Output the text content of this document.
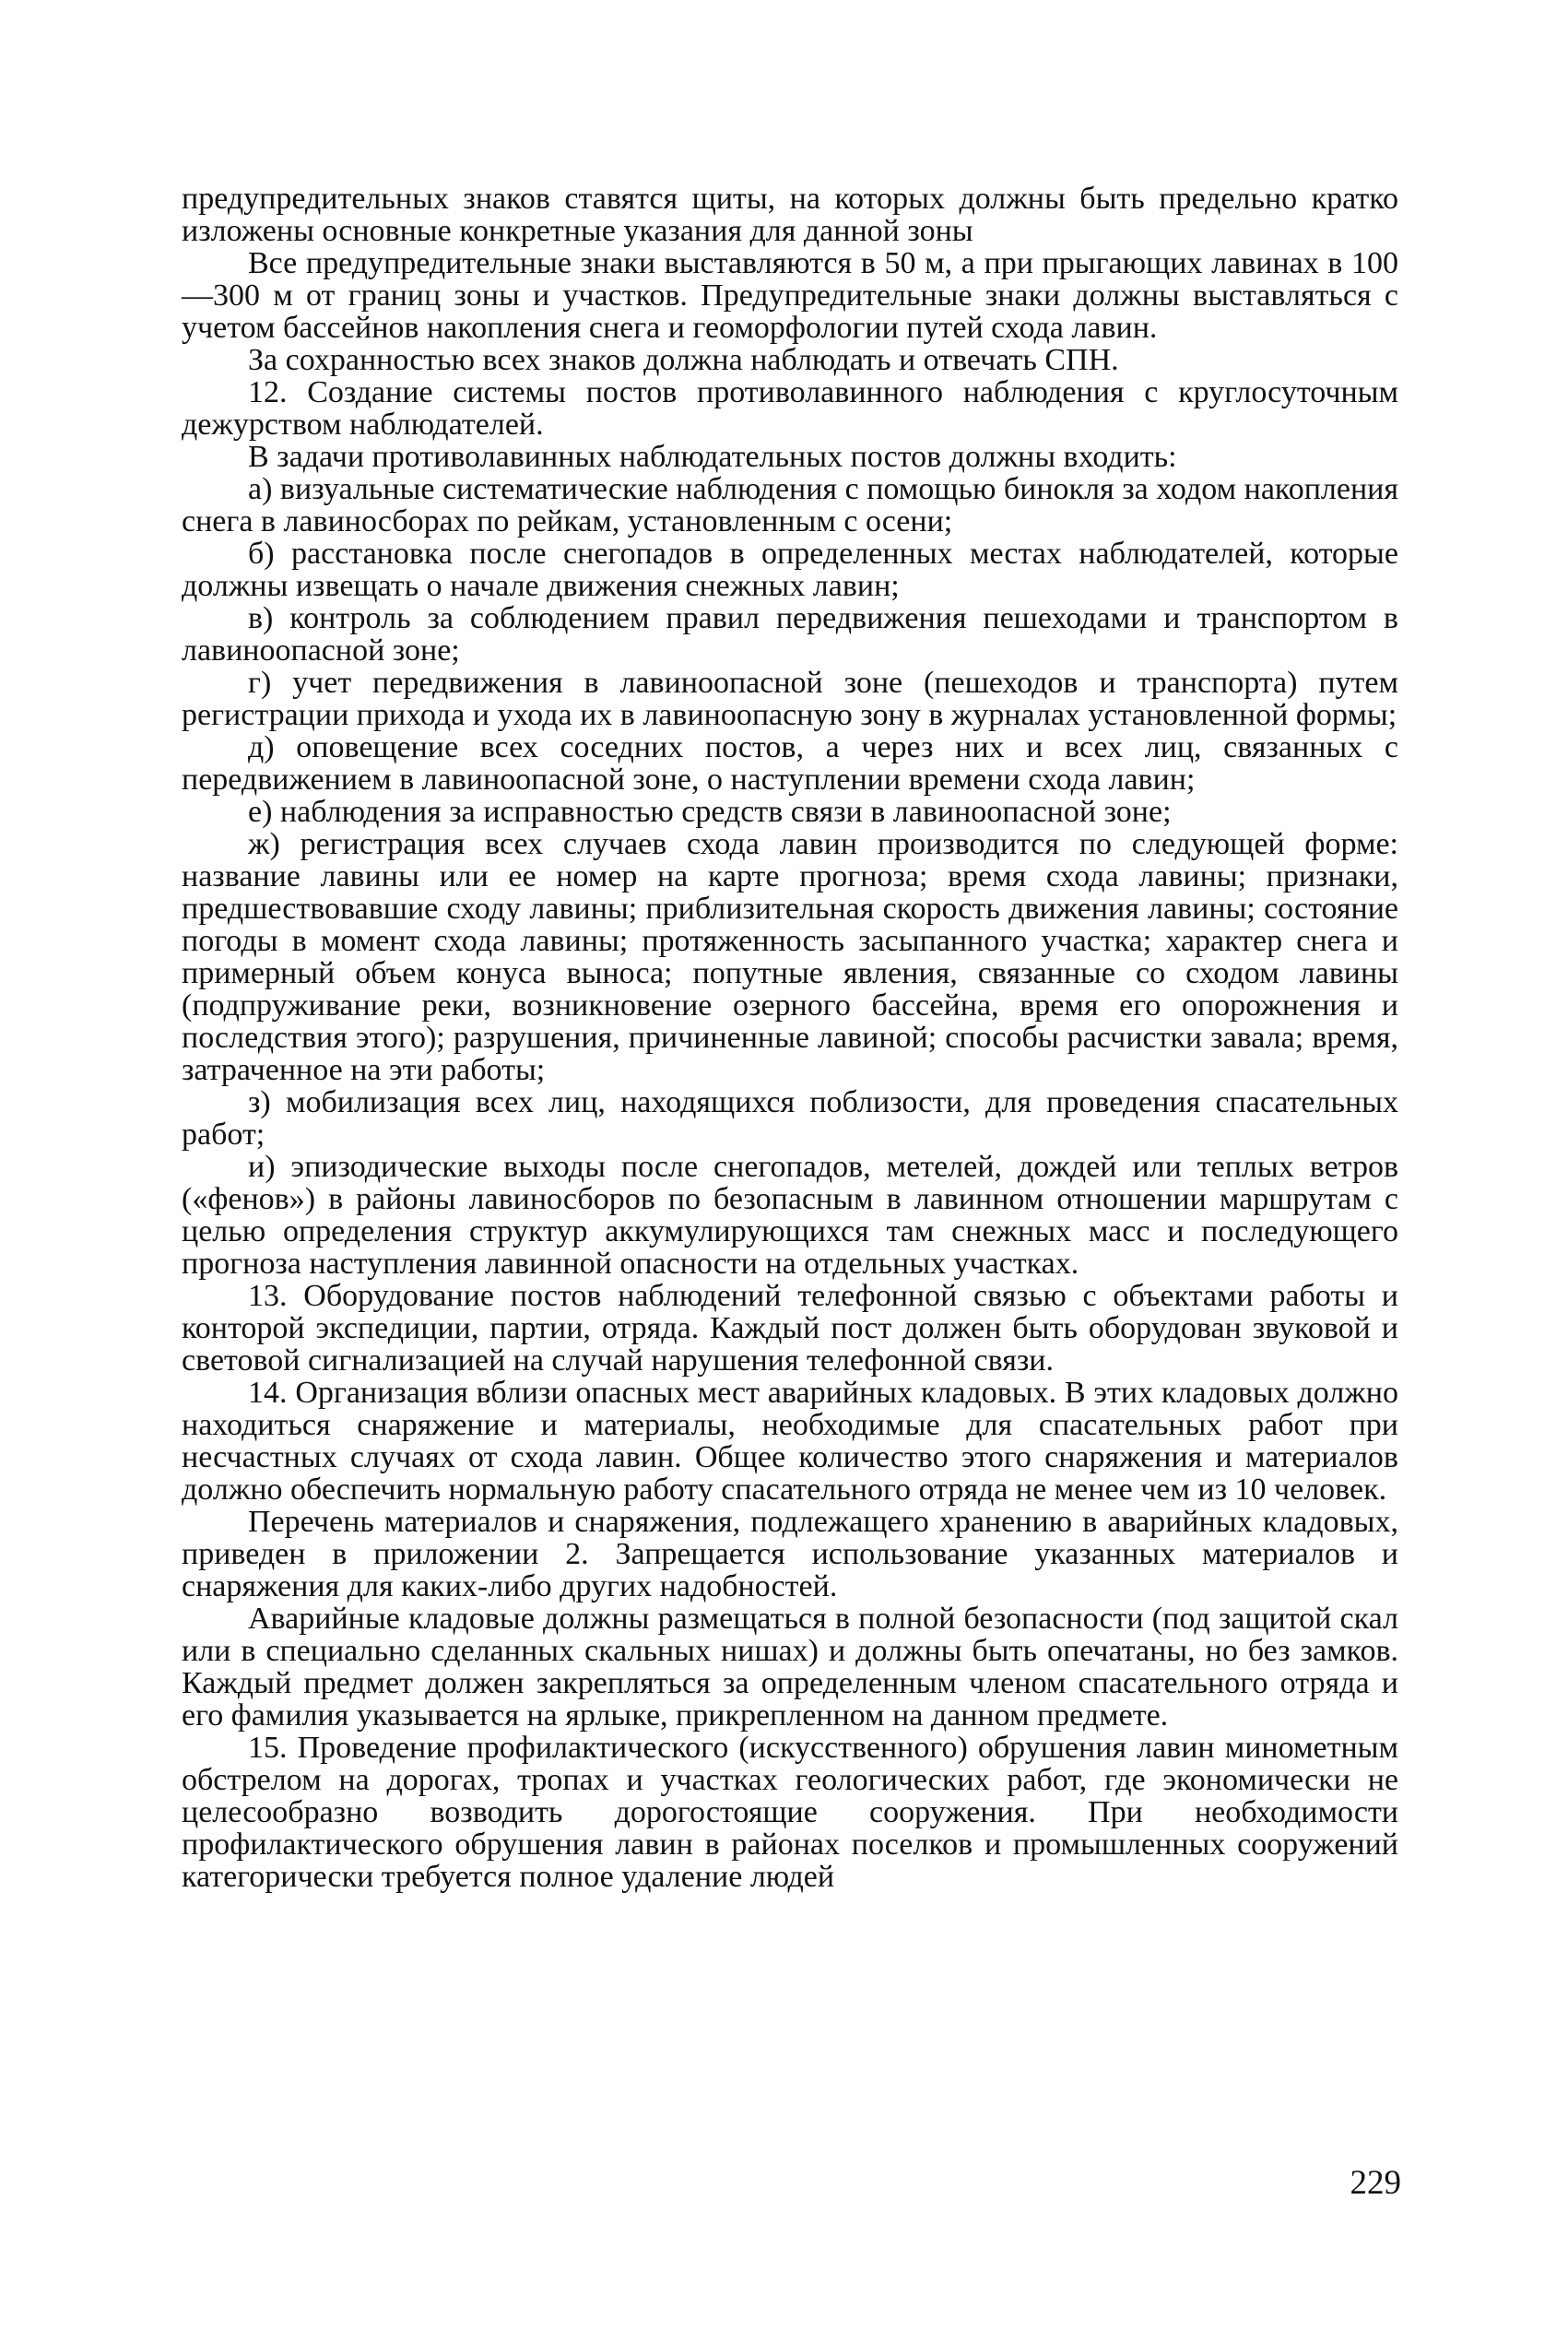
предупредительных знаков ставятся щиты, на которых должны быть предельно кратко изложены основные конкретные указания для данной зоны

Все предупредительные знаки выставляются в 50 м, а при прыгающих лавинах в 100—300 м от границ зоны и участков. Предупредительные знаки должны выставляться с учетом бассейнов накопления снега и геоморфологии путей схода лавин.

За сохранностью всех знаков должна наблюдать и отвечать СПН.

12. Создание системы постов противолавинного наблюдения с круглосуточным дежурством наблюдателей.

В задачи противолавинных наблюдательных постов должны входить:

а) визуальные систематические наблюдения с помощью бинокля за ходом накопления снега в лавиносборах по рейкам, установленным с осени;

б) расстановка после снегопадов в определенных местах наблюдателей, которые должны извещать о начале движения снежных лавин;

в) контроль за соблюдением правил передвижения пешеходами и транспортом в лавиноопасной зоне;

г) учет передвижения в лавиноопасной зоне (пешеходов и транспорта) путем регистрации прихода и ухода их в лавиноопасную зону в журналах установленной формы;

д) оповещение всех соседних постов, а через них и всех лиц, связанных с передвижением в лавиноопасной зоне, о наступлении времени схода лавин;

е) наблюдения за исправностью средств связи в лавиноопасной зоне;

ж) регистрация всех случаев схода лавин производится по следующей форме: название лавины или ее номер на карте прогноза; время схода лавины; признаки, предшествовавшие сходу лавины; приблизительная скорость движения лавины; состояние погоды в момент схода лавины; протяженность засыпанного участка; характер снега и примерный объем конуса выноса; попутные явления, связанные со сходом лавины (подпруживание реки, возникновение озерного бассейна, время его опорожнения и последствия этого); разрушения, причиненные лавиной; способы расчистки завала; время, затраченное на эти работы;

з) мобилизация всех лиц, находящихся поблизости, для проведения спасательных работ;

и) эпизодические выходы после снегопадов, метелей, дождей или теплых ветров («фенов») в районы лавиносборов по безопасным в лавинном отношении маршрутам с целью определения структур аккумулирующихся там снежных масс и последующего прогноза наступления лавинной опасности на отдельных участках.

13. Оборудование постов наблюдений телефонной связью с объектами работы и конторой экспедиции, партии, отряда. Каждый пост должен быть оборудован звуковой и световой сигнализацией на случай нарушения телефонной связи.

14. Организация вблизи опасных мест аварийных кладовых. В этих кладовых должно находиться снаряжение и материалы, необходимые для спасательных работ при несчастных случаях от схода лавин. Общее количество этого снаряжения и материалов должно обеспечить нормальную работу спасательного отряда не менее чем из 10 человек.

Перечень материалов и снаряжения, подлежащего хранению в аварийных кладовых, приведен в приложении 2. Запрещается использование указанных материалов и снаряжения для каких-либо других надобностей.

Аварийные кладовые должны размещаться в полной безопасности (под защитой скал или в специально сделанных скальных нишах) и должны быть опечатаны, но без замков. Каждый предмет должен закрепляться за определенным членом спасательного отряда и его фамилия указывается на ярлыке, прикрепленном на данном предмете.

15. Проведение профилактического (искусственного) обрушения лавин минометным обстрелом на дорогах, тропах и участках геологических работ, где экономически не целесообразно возводить дорогостоящие сооружения. При необходимости профилактического обрушения лавин в районах поселков и промышленных сооружений категорически требуется полное удаление людей

229
